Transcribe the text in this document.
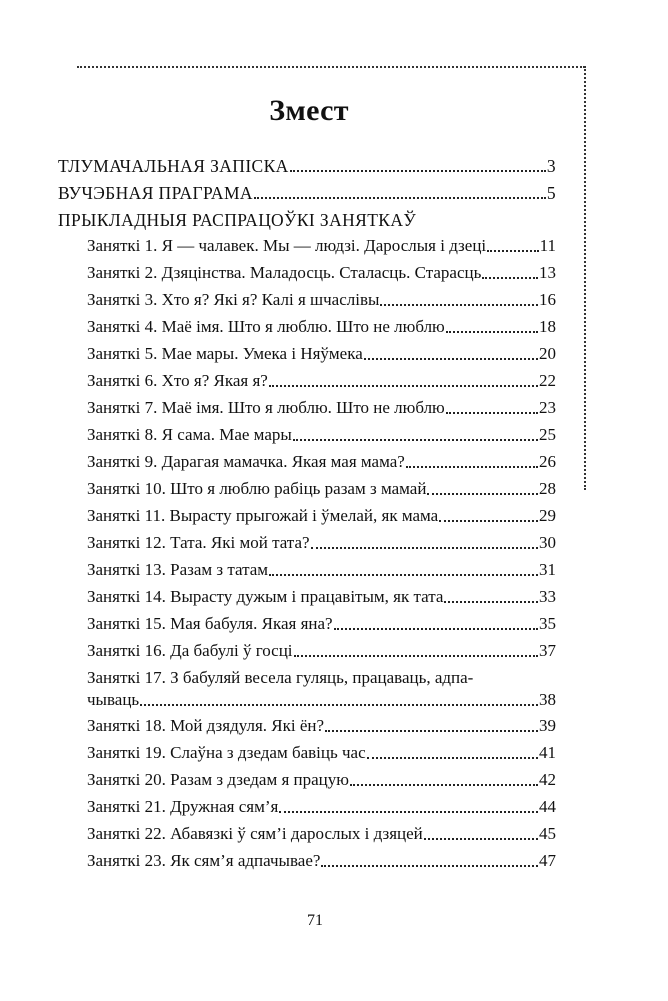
Змест
ТЛУМАЧАЛЬНАЯ ЗАПІСКА	3
ВУЧЭБНАЯ ПРАГРАМА	5
ПРЫКЛАДНЫЯ РАСПРАЦОЎКІ ЗАНЯТКАЎ
Заняткі 1. Я — чалавек. Мы — людзі. Дарослыя і дзеці	11
Заняткі 2. Дзяцінства. Маладосць. Сталасць. Старасць	13
Заняткі 3. Хто я? Які я? Калі я шчаслівы	16
Заняткі 4. Маё імя. Што я люблю. Што не люблю	18
Заняткі 5. Мае мары. Умека і Няўмека	20
Заняткі 6. Хто я? Якая я?	22
Заняткі 7. Маё імя. Што я люблю. Што не люблю	23
Заняткі 8. Я сама. Мае мары	25
Заняткі 9. Дарагая мамачка. Якая мая мама?	26
Заняткі 10. Што я люблю рабіць разам з мамай	28
Заняткі 11. Вырасту прыгожай і ўмелай, як мама	29
Заняткі 12. Тата. Які мой тата?	30
Заняткі 13. Разам з татам	31
Заняткі 14. Вырасту дужым і працавітым, як тата	33
Заняткі 15. Мая бабуля. Якая яна?	35
Заняткі 16. Да бабулі ў госці	37
Заняткі 17. З бабуляй весела гуляць, працаваць, адпа-
чываць	38
Заняткі 18. Мой дзядуля. Які ён?	39
Заняткі 19. Слаўна з дзедам бавіць час	41
Заняткі 20. Разам з дзедам я працую	42
Заняткі 21. Дружная сям’я	44
Заняткі 22. Абавязкі ў сям’і дарослых і дзяцей	45
Заняткі 23. Як сям’я адпачывае?	47
71
